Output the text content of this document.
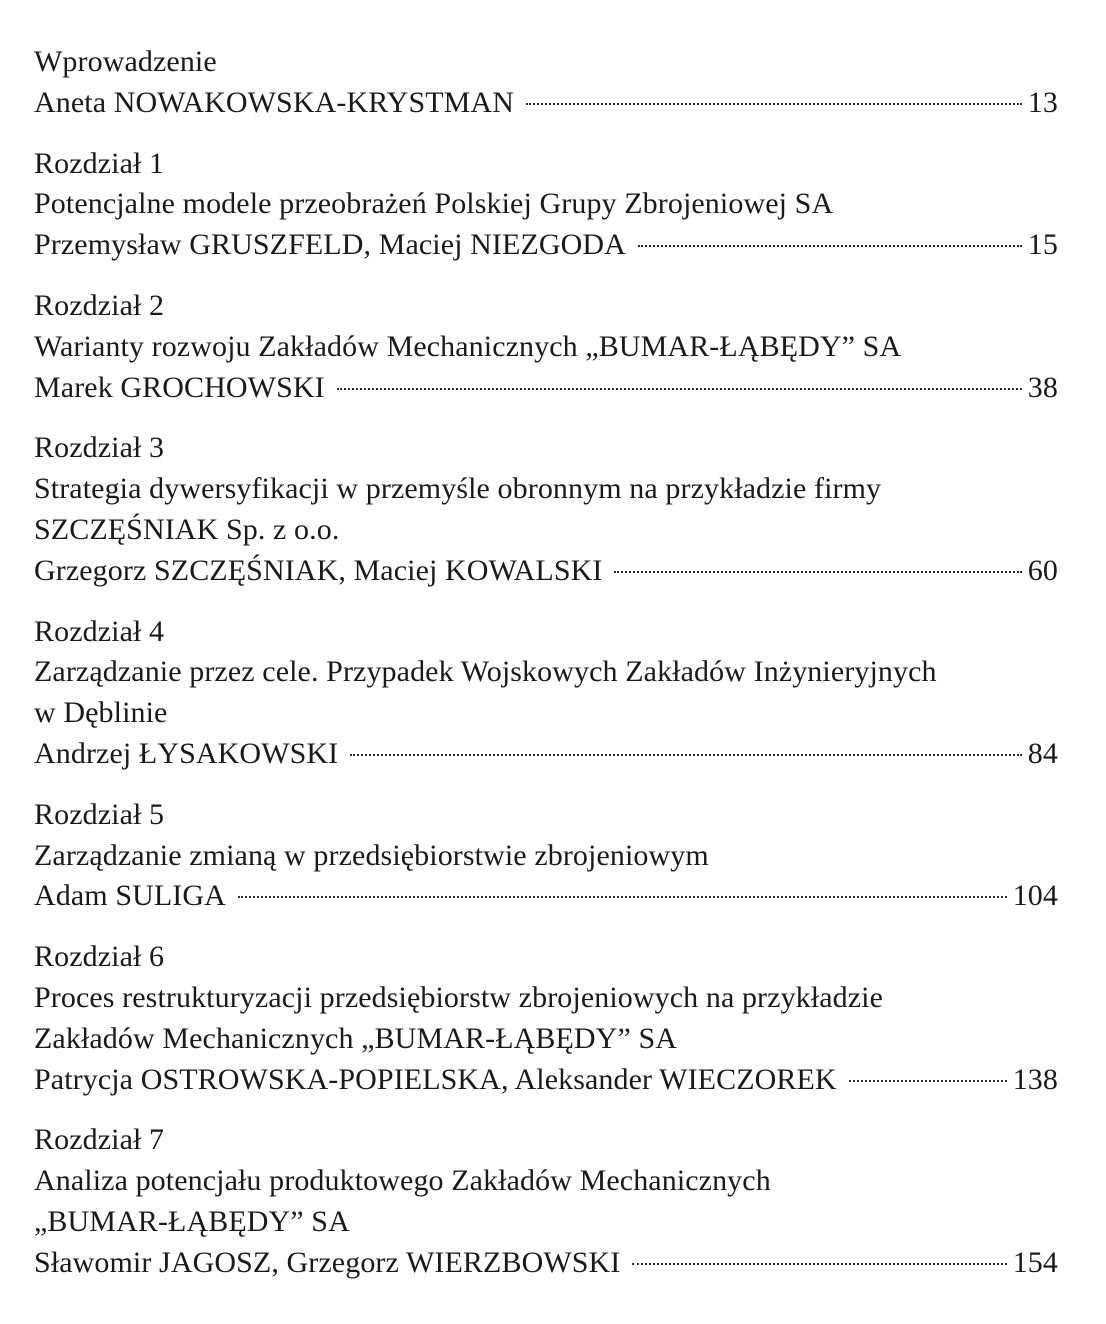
Wprowadzenie
Aneta NOWAKOWSKA-KRYSTMAN	13
Rozdział 1
Potencjalne modele przeobrażeń Polskiej Grupy Zbrojeniowej SA
Przemysław GRUSZFELD, Maciej NIEZGODA	15
Rozdział 2
Warianty rozwoju Zakładów Mechanicznych „BUMAR-ŁĄBĘDY” SA
Marek GROCHOWSKI	38
Rozdział 3
Strategia dywersyfikacji w przemyśle obronnym na przykładzie firmy
SZCZĘŚNIAK Sp. z o.o.
Grzegorz SZCZĘŚNIAK, Maciej KOWALSKI	60
Rozdział 4
Zarządzanie przez cele. Przypadek Wojskowych Zakładów Inżynieryjnych
w Dęblinie
Andrzej ŁYSAKOWSKI	84
Rozdział 5
Zarządzanie zmianą w przedsiębiorstwie zbrojeniowym
Adam SULIGA	104
Rozdział 6
Proces restrukturyzacji przedsiębiorstw zbrojeniowych na przykładzie
Zakładów Mechanicznych „BUMAR-ŁĄBĘDY” SA
Patrycja OSTROWSKA-POPIELSKA, Aleksander WIECZOREK	138
Rozdział 7
Analiza potencjału produktowego Zakładów Mechanicznych
„BUMAR-ŁĄBĘDY” SA
Sławomir JAGOSZ, Grzegorz WIERZBOWSKI	154
